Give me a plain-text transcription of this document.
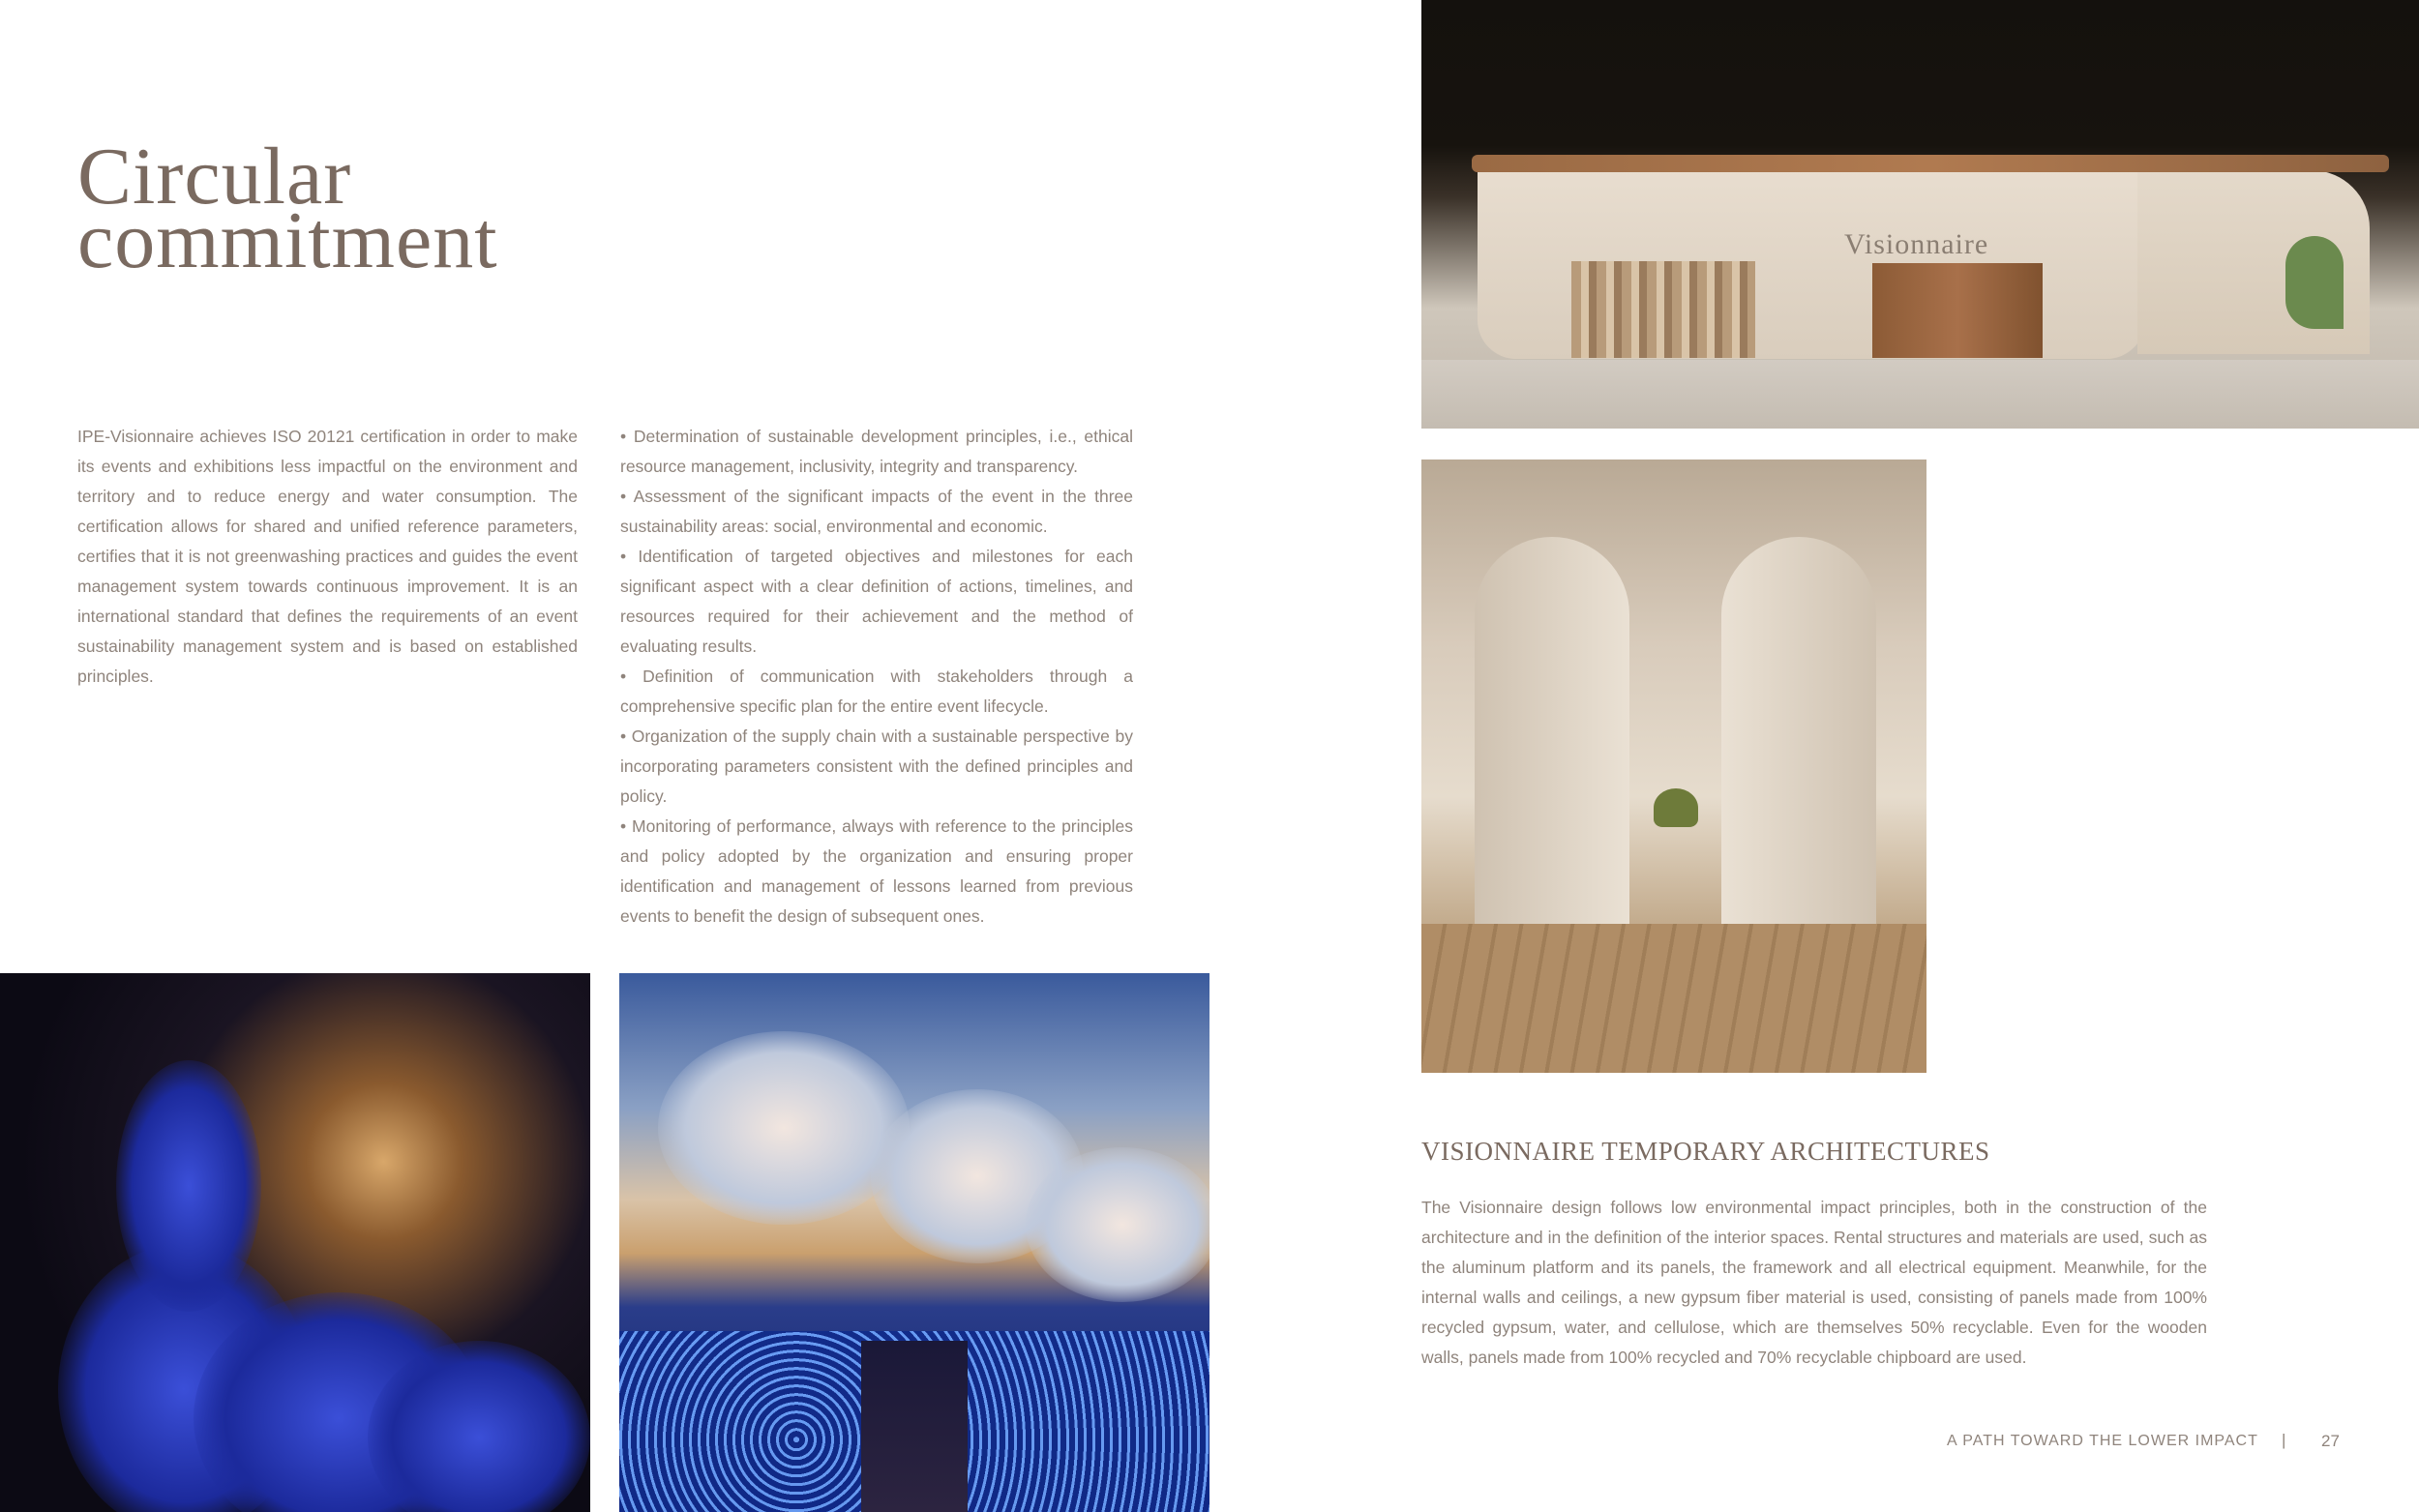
Circular
commitment

IPE-Visionnaire achieves ISO 20121 certification in order to make its events and exhibitions less impactful on the environment and territory and to reduce energy and water consumption. The certification allows for shared and unified reference parameters, certifies that it is not greenwashing practices and guides the event management system towards continuous improvement. It is an international standard that defines the requirements of an event sustainability management system and is based on established principles.

• Determination of sustainable development principles, i.e., ethical resource management, inclusivity, integrity and transparency.

• Assessment of the significant impacts of the event in the three sustainability areas: social, environmental and economic.

• Identification of targeted objectives and milestones for each significant aspect with a clear definition of actions, timelines, and resources required for their achievement and the method of evaluating results.

• Definition of communication with stakeholders through a comprehensive specific plan for the entire event lifecycle.

• Organization of the supply chain with a sustainable perspective by incorporating parameters consistent with the defined principles and policy.

• Monitoring of performance, always with reference to the principles and policy adopted by the organization and ensuring proper identification and management of lessons learned from previous events to benefit the design of subsequent ones.

Visionnaire
VISIONNAIRE TEMPORARY ARCHITECTURES

The Visionnaire design follows low environmental impact principles, both in the construction of the architecture and in the definition of the interior spaces. Rental structures and materials are used, such as the aluminum platform and its panels, the framework and all electrical equipment. Meanwhile, for the internal walls and ceilings, a new gypsum fiber material is used, consisting of panels made from 100% recycled gypsum, water, and cellulose, which are themselves 50% recyclable. Even for the wooden walls, panels made from 100% recycled and 70% recyclable chipboard are used.

A PATH TOWARD THE LOWER IMPACT | 27
